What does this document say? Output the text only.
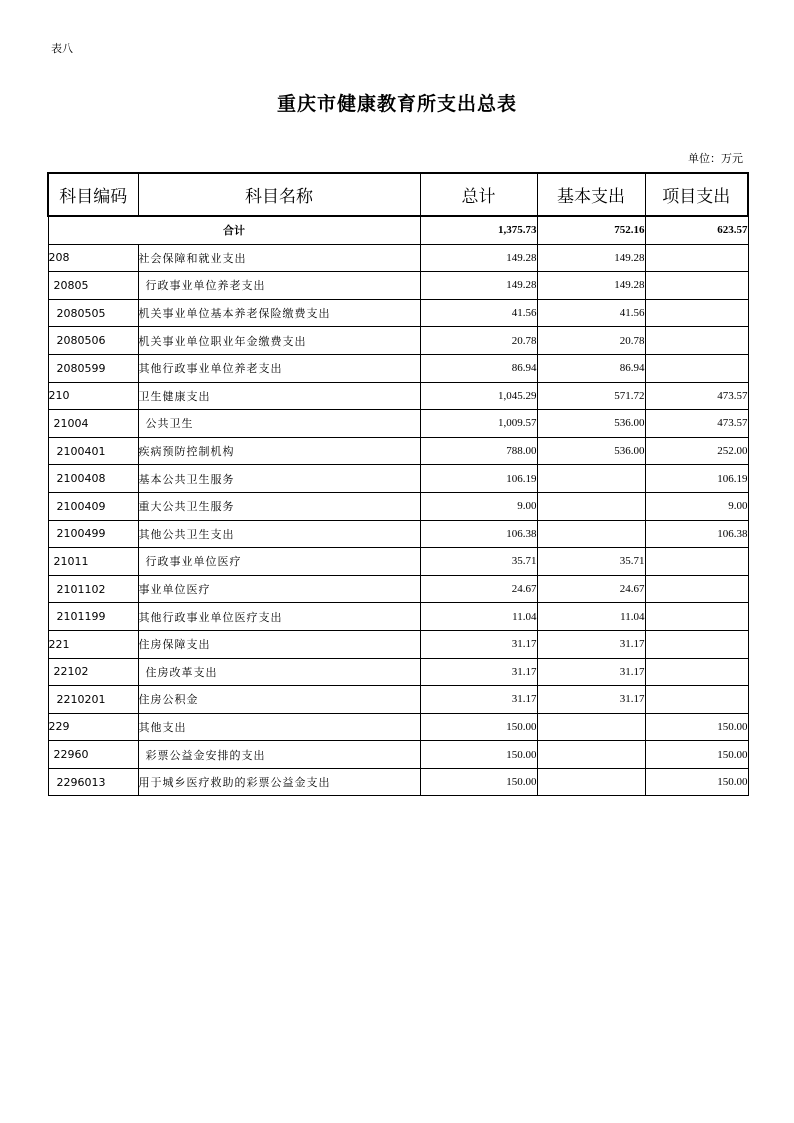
表八
重庆市健康教育所支出总表
单位：万元
科目编码	科目名称	总计	基本支出	项目支出
合计		1,375.73	752.16	623.57
208	社会保障和就业支出	149.28	149.28	
20805	行政事业单位养老支出	149.28	149.28	
2080505	机关事业单位基本养老保险缴费支出	41.56	41.56	
2080506	机关事业单位职业年金缴费支出	20.78	20.78	
2080599	其他行政事业单位养老支出	86.94	86.94	
210	卫生健康支出	1,045.29	571.72	473.57
21004	公共卫生	1,009.57	536.00	473.57
2100401	疾病预防控制机构	788.00	536.00	252.00
2100408	基本公共卫生服务	106.19		106.19
2100409	重大公共卫生服务	9.00		9.00
2100499	其他公共卫生支出	106.38		106.38
21011	行政事业单位医疗	35.71	35.71	
2101102	事业单位医疗	24.67	24.67	
2101199	其他行政事业单位医疗支出	11.04	11.04	
221	住房保障支出	31.17	31.17	
22102	住房改革支出	31.17	31.17	
2210201	住房公积金	31.17	31.17	
229	其他支出	150.00		150.00
22960	彩票公益金安排的支出	150.00		150.00
2296013	用于城乡医疗救助的彩票公益金支出	150.00		150.00
